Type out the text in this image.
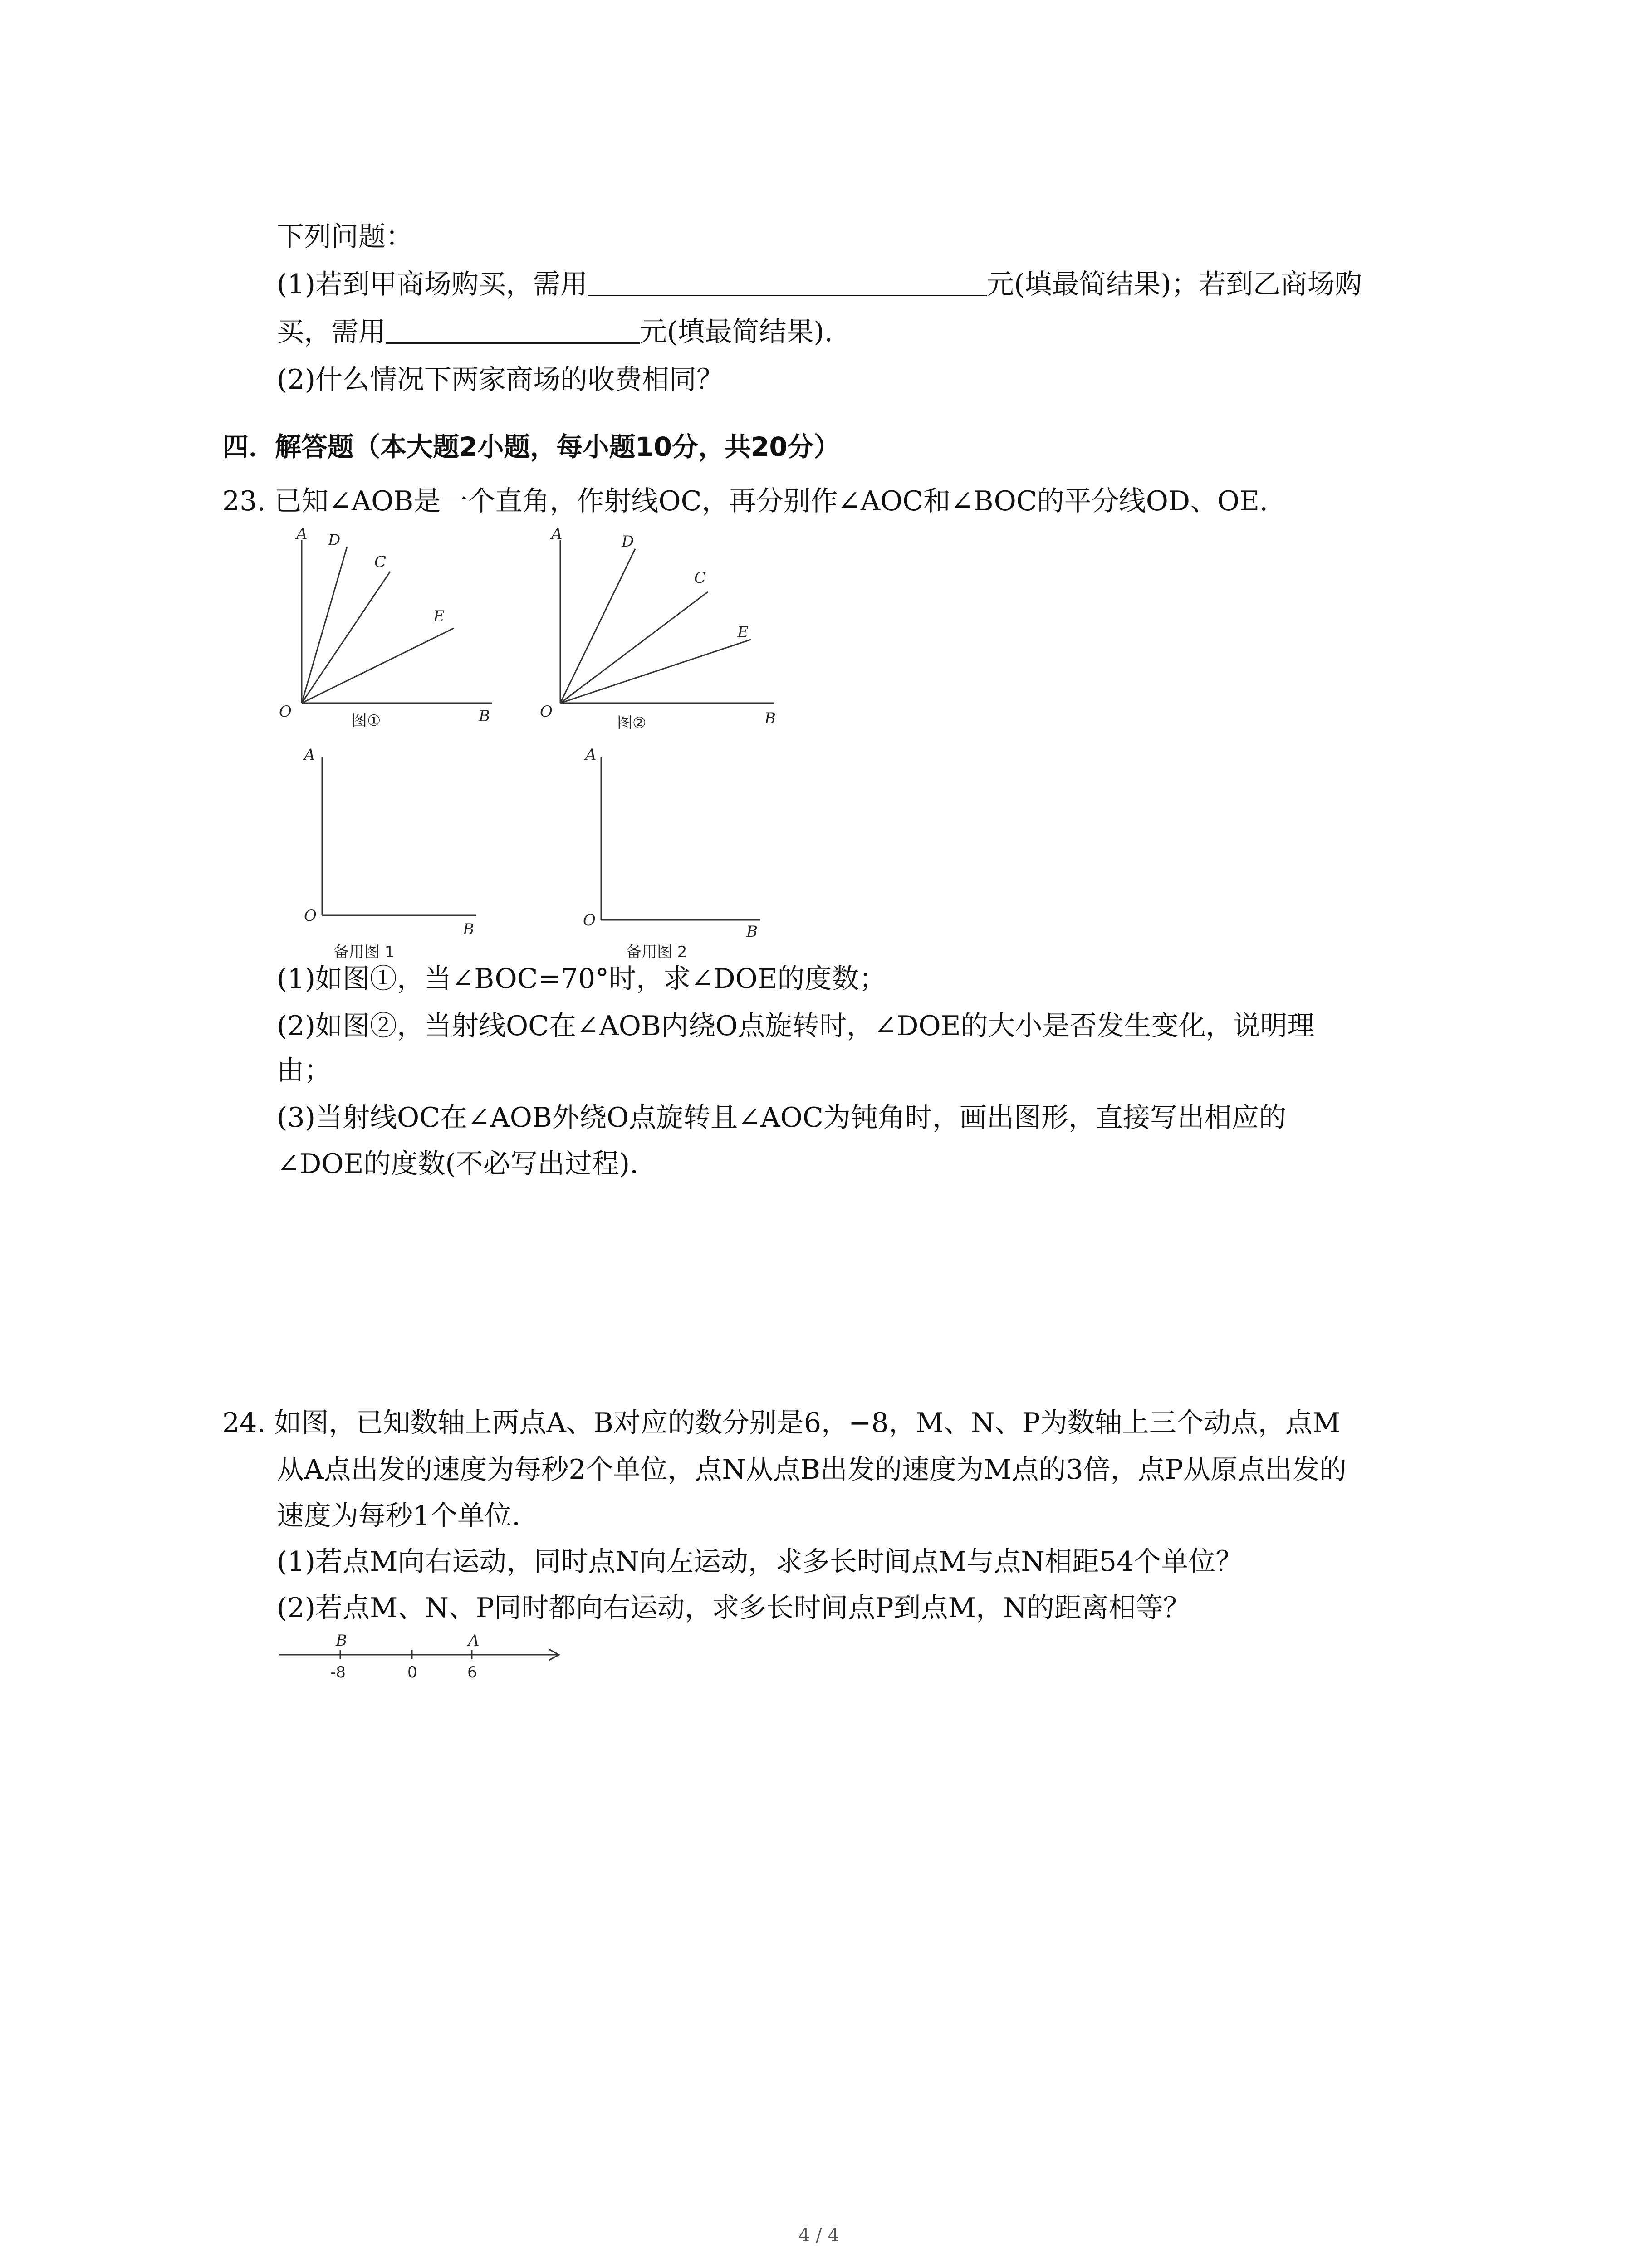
下列问题：
(1)若到甲商场购买，需用	元(填最简结果)；若到乙商场购
买，需用	元(填最简结果).
(2)什么情况下两家商场的收费相同？
四．解答题（本大题2小题，每小题10分，共20分）
23. 已知∠AOB是一个直角，作射线OC，再分别作∠AOC和∠BOC的平分线OD、OE.
A D
C
E
O	B
图①
A	D
C
E
O	B
图②
A
O
B
备用图 1
A
O
B
备用图 2
(1)如图①，当∠BOC=70°时，求∠DOE的度数；
(2)如图②，当射线OC在∠AOB内绕O点旋转时，∠DOE的大小是否发生变化，说明理
由；
(3)当射线OC在∠AOB外绕O点旋转且∠AOC为钝角时，画出图形，直接写出相应的
∠DOE的度数(不必写出过程).
24. 如图，已知数轴上两点A、B对应的数分别是6，−8，M、N、P为数轴上三个动点，点M
从A点出发的速度为每秒2个单位，点N从点B出发的速度为M点的3倍，点P从原点出发的
速度为每秒1个单位.
(1)若点M向右运动，同时点N向左运动，求多长时间点M与点N相距54个单位？
(2)若点M、N、P同时都向右运动，求多长时间点P到点M，N的距离相等？
B	A
-8	0	6
4 / 4
